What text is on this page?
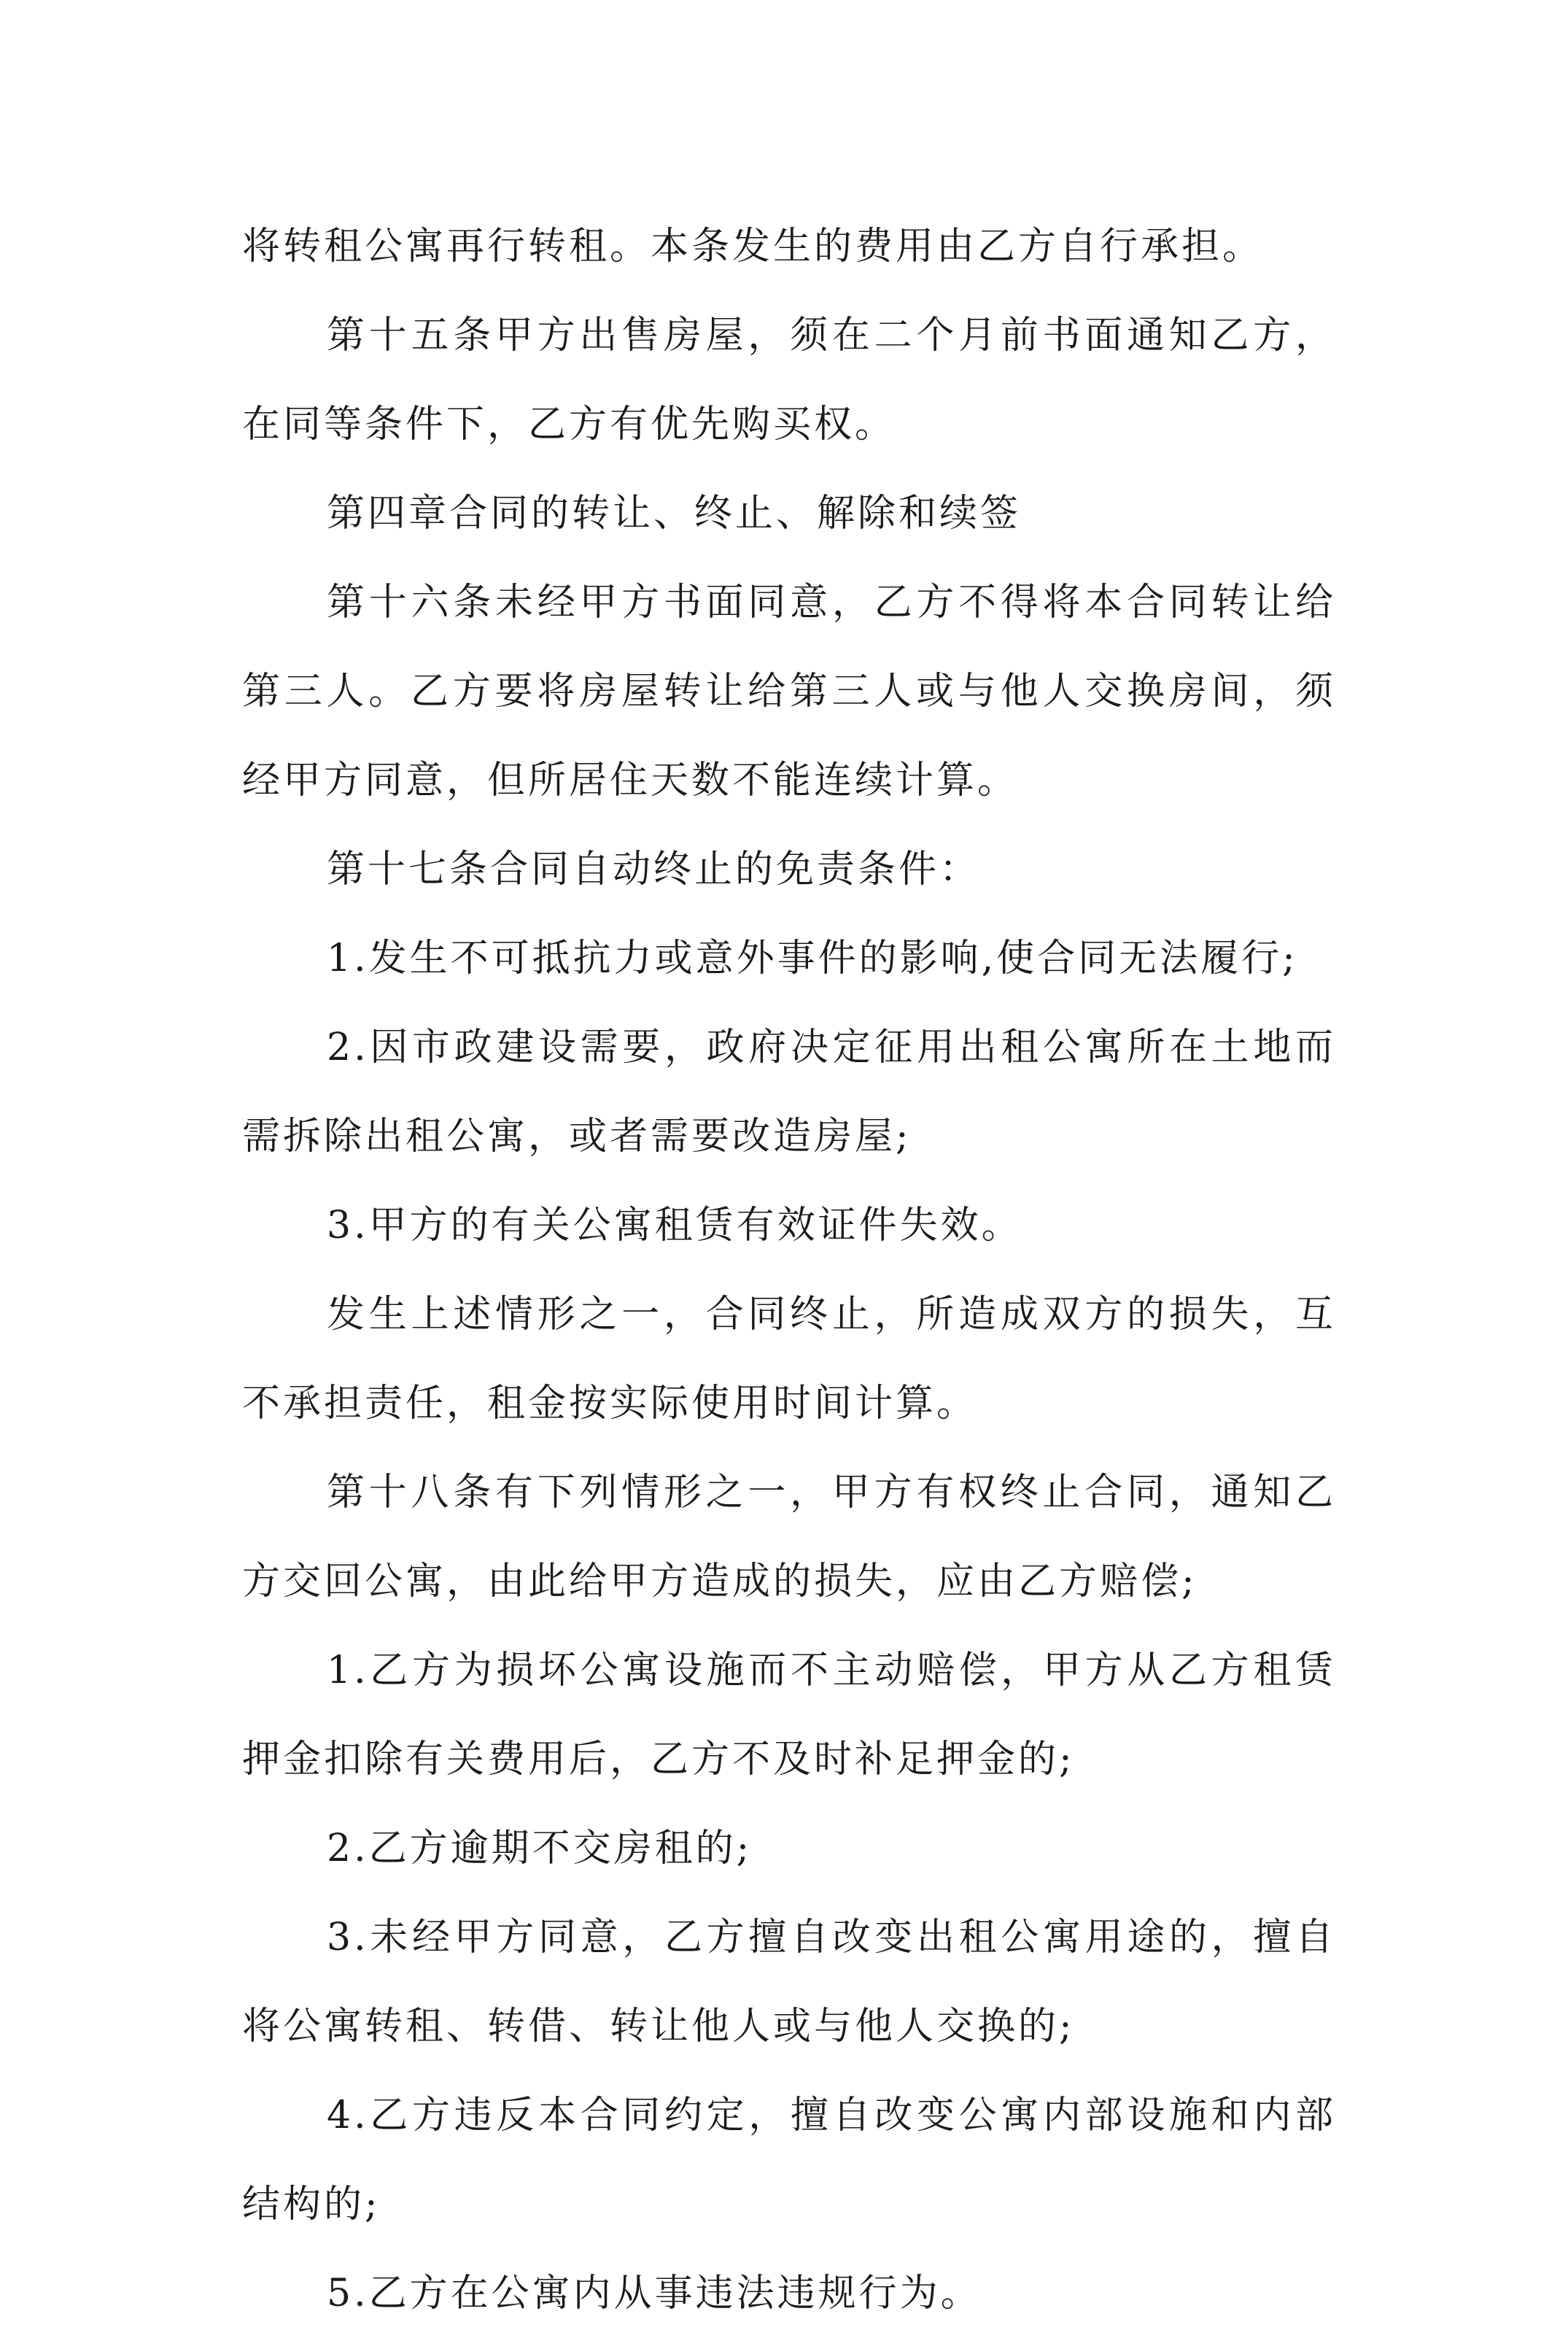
将转租公寓再行转租。本条发生的费用由乙方自行承担。

第十五条甲方出售房屋，须在二个月前书面通知乙方，在同等条件下，乙方有优先购买权。

第四章合同的转让、终止、解除和续签

第十六条未经甲方书面同意，乙方不得将本合同转让给第三人。乙方要将房屋转让给第三人或与他人交换房间，须经甲方同意，但所居住天数不能连续计算。

第十七条合同自动终止的免责条件：

1.发生不可抵抗力或意外事件的影响,使合同无法履行;

2.因市政建设需要，政府决定征用出租公寓所在土地而需拆除出租公寓，或者需要改造房屋;

3.甲方的有关公寓租赁有效证件失效。

发生上述情形之一，合同终止，所造成双方的损失，互不承担责任，租金按实际使用时间计算。

第十八条有下列情形之一，甲方有权终止合同，通知乙方交回公寓，由此给甲方造成的损失，应由乙方赔偿;

1.乙方为损坏公寓设施而不主动赔偿，甲方从乙方租赁押金扣除有关费用后，乙方不及时补足押金的;

2.乙方逾期不交房租的;

3.未经甲方同意，乙方擅自改变出租公寓用途的，擅自将公寓转租、转借、转让他人或与他人交换的;

4.乙方违反本合同约定，擅自改变公寓内部设施和内部结构的;

5.乙方在公寓内从事违法违规行为。
